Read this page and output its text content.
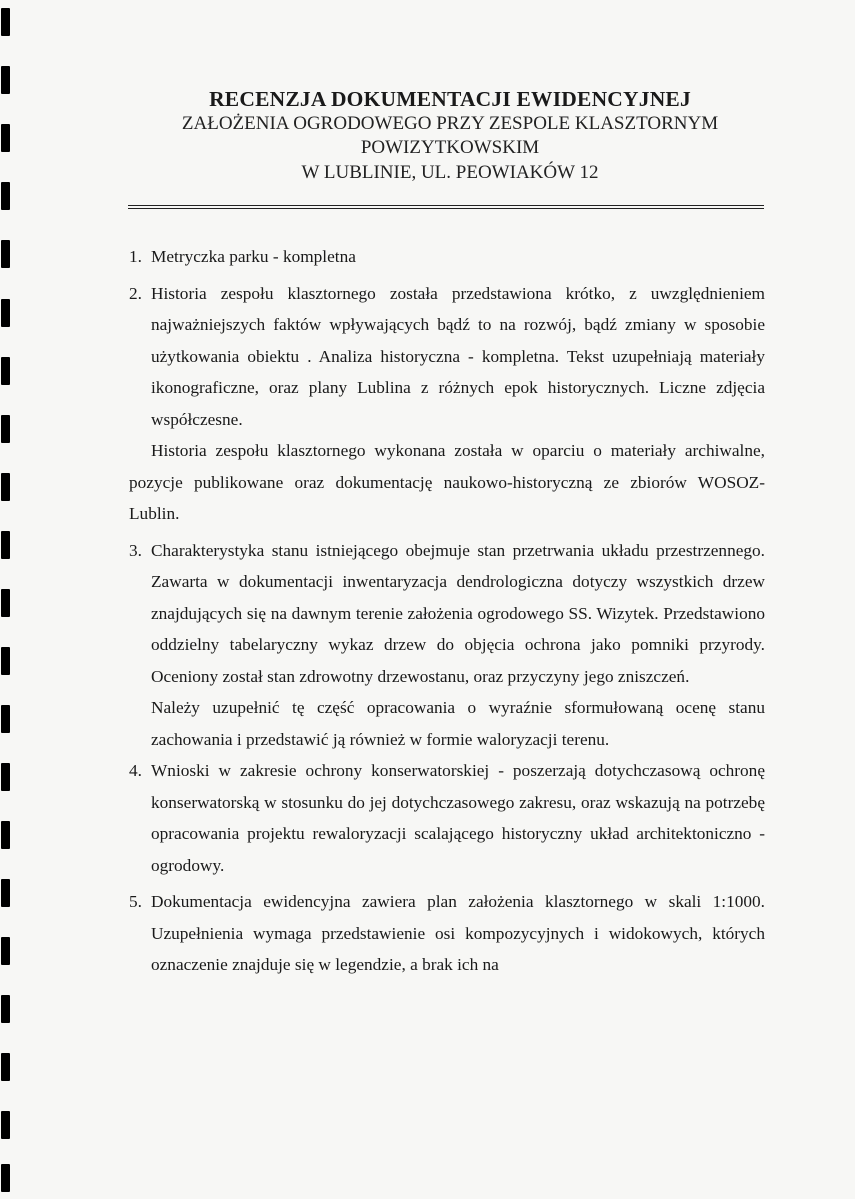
RECENZJA DOKUMENTACJI EWIDENCYJNEJ
ZAŁOŻENIA OGRODOWEGO PRZY ZESPOLE KLASZTORNYM
POWIZYTKOWSKIM
W LUBLINIE, UL. PEOWIAKÓW 12
1. Metryczka parku - kompletna
2. Historia zespołu klasztornego została przedstawiona krótko, z uwzględnieniem najważniejszych faktów wpływających bądź to na rozwój, bądź zmiany w sposobie użytkowania obiektu . Analiza historyczna - kompletna. Tekst uzupełniają materiały ikonograficzne, oraz plany Lublina z różnych epok historycznych. Liczne zdjęcia współczesne.

Historia zespołu klasztornego wykonana została w oparciu o materiały archiwalne, pozycje publikowane oraz dokumentację naukowo-historyczną ze zbiorów WOSOZ-Lublin.

3. Charakterystyka stanu istniejącego obejmuje stan przetrwania układu przestrzennego. Zawarta w dokumentacji inwentaryzacja dendrologiczna dotyczy wszystkich drzew znajdujących się na dawnym terenie założenia ogrodowego SS. Wizytek. Przedstawiono oddzielny tabelaryczny wykaz drzew do objęcia ochrona jako pomniki przyrody. Oceniony został stan zdrowotny drzewostanu, oraz przyczyny jego zniszczeń.
Należy uzupełnić tę część opracowania o wyraźnie sformułowaną ocenę stanu zachowania i przedstawić ją również w formie waloryzacji terenu.
4. Wnioski w zakresie ochrony konserwatorskiej - poszerzają dotychczasową ochronę konserwatorską w stosunku do jej dotychczasowego zakresu, oraz wskazują na potrzebę opracowania projektu rewaloryzacji scalającego historyczny układ architektoniczno - ogrodowy.
5. Dokumentacja ewidencyjna zawiera plan założenia klasztornego w skali 1:1000. Uzupełnienia wymaga przedstawienie osi kompozycyjnych i widokowych, których oznaczenie znajduje się w legendzie, a brak ich na
